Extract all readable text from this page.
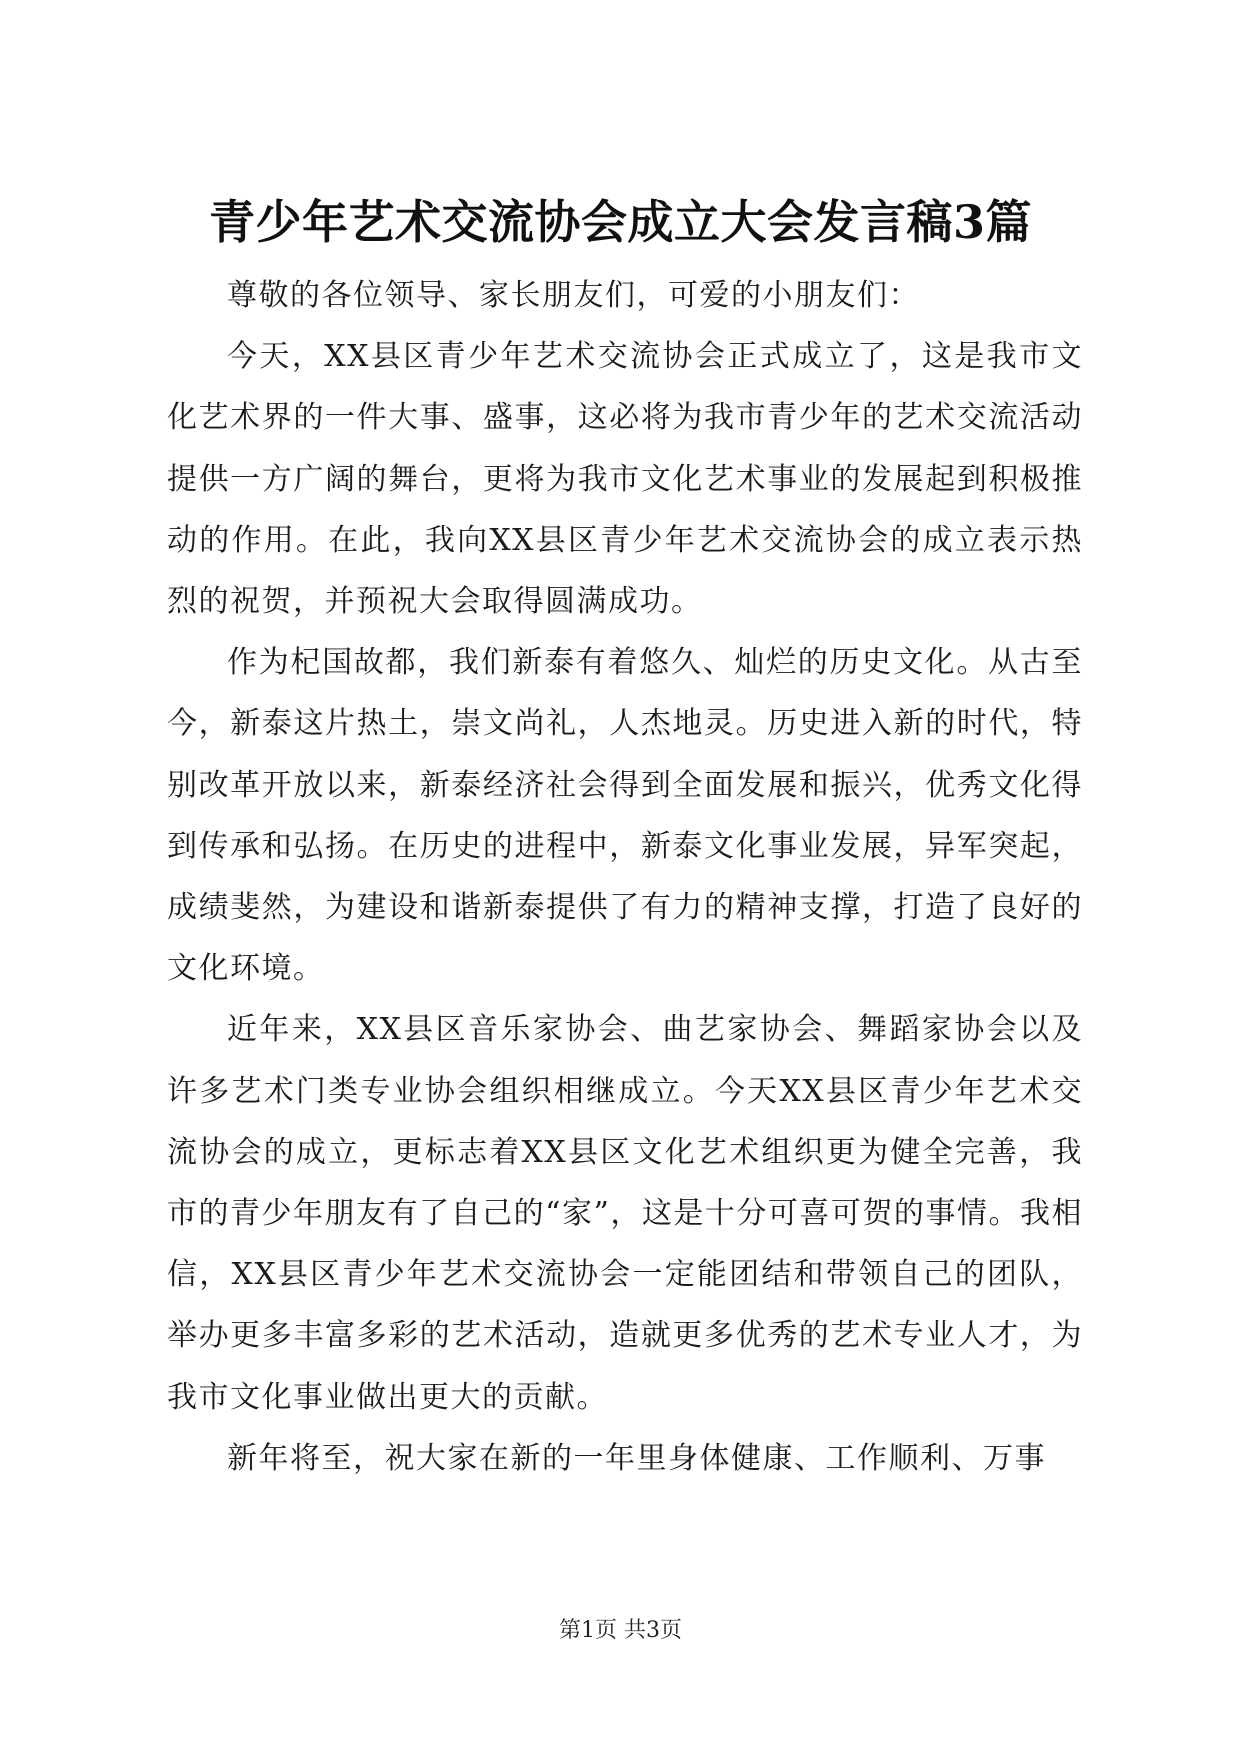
青少年艺术交流协会成立大会发言稿3篇

尊敬的各位领导、家长朋友们，可爱的小朋友们：

今天，XX县区青少年艺术交流协会正式成立了，这是我市文化艺术界的一件大事、盛事，这必将为我市青少年的艺术交流活动提供一方广阔的舞台，更将为我市文化艺术事业的发展起到积极推动的作用。在此，我向XX县区青少年艺术交流协会的成立表示热烈的祝贺，并预祝大会取得圆满成功。

作为杞国故都，我们新泰有着悠久、灿烂的历史文化。从古至今，新泰这片热土，崇文尚礼，人杰地灵。历史进入新的时代，特别改革开放以来，新泰经济社会得到全面发展和振兴，优秀文化得到传承和弘扬。在历史的进程中，新泰文化事业发展，异军突起，成绩斐然，为建设和谐新泰提供了有力的精神支撑，打造了良好的文化环境。

近年来，XX县区音乐家协会、曲艺家协会、舞蹈家协会以及许多艺术门类专业协会组织相继成立。今天XX县区青少年艺术交流协会的成立，更标志着XX县区文化艺术组织更为健全完善，我市的青少年朋友有了自己的“家”，这是十分可喜可贺的事情。我相信，XX县区青少年艺术交流协会一定能团结和带领自己的团队，举办更多丰富多彩的艺术活动，造就更多优秀的艺术专业人才，为我市文化事业做出更大的贡献。

新年将至，祝大家在新的一年里身体健康、工作顺利、万事

第1页 共3页
